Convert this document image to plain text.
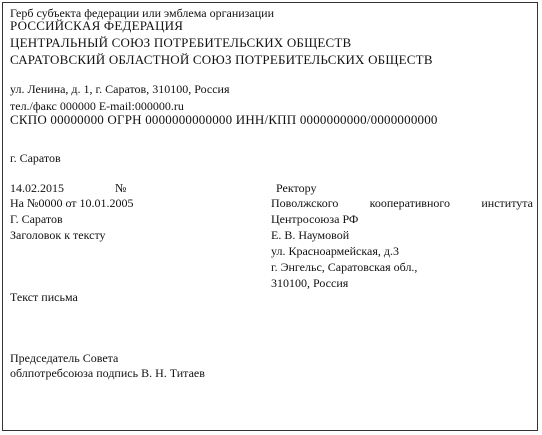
Герб субъекта федерации или эмблема организации
РОССИЙСКАЯ ФЕДЕРАЦИЯ
ЦЕНТРАЛЬНЫЙ СОЮЗ ПОТРЕБИТЕЛЬСКИХ ОБЩЕСТВ
САРАТОВСКИЙ ОБЛАСТНОЙ СОЮЗ ПОТРЕБИТЕЛЬСКИХ ОБЩЕСТВ
ул. Ленина, д. 1, г. Саратов, 310100, Россия
тел./факс 000000 E-mail:000000.ru
СКПО 00000000 ОГРН 0000000000000 ИНН/КПП 0000000000/0000000000
г. Саратов
14.02.2015	№
На №0000 от 10.01.2005
Г. Саратов
Заголовок к тексту
Ректору
Поволжского	кооперативного	института
Центросоюза РФ
Е. В. Наумовой
ул. Красноармейская, д.3
г. Энгельс, Саратовская обл.,
310100, Россия
Текст письма
Председатель Совета
облпотребсоюза подпись В. Н. Титаев
